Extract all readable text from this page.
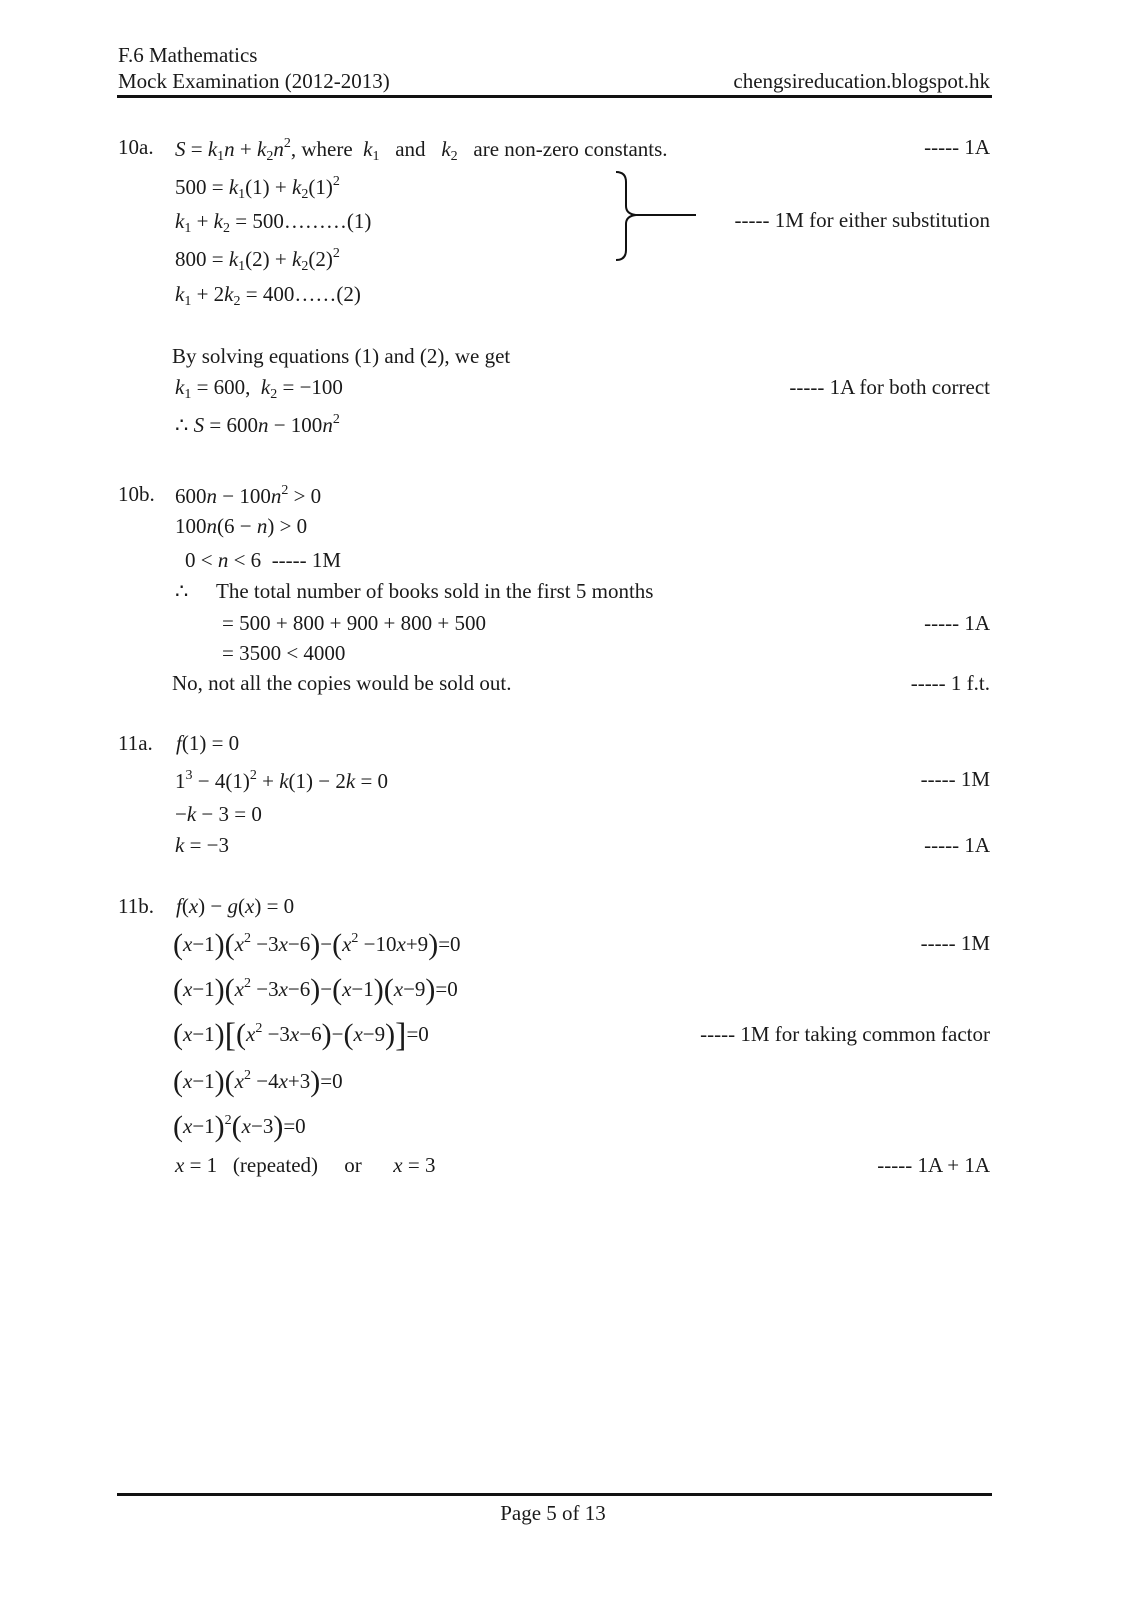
F.6 Mathematics
Mock Examination (2012-2013)	chengsireducation.blogspot.hk
10a. $S = k_1n + k_2n^2$, where $k_1$ and $k_2$ are non-zero constants.	----- 1A
$500 = k_1(1) + k_2(1)^2$
$k_1 + k_2$ = 500………(1)
$800 = k_1(2) + k_2(2)^2$
$k_1 + 2k_2$ = 400……(2)
----- 1M for either substitution
By solving equations (1) and (2), we get
$k_1 = 600$,  $k_2 = -100$	----- 1A for both correct
∴ $S = 600n - 100n^2$
10b. $600n - 100n^2 > 0$
100n(6 − n) > 0
0 < n < 6  ----- 1M
∴ The total number of books sold in the first 5 months
= 500 + 800 + 900 + 800 + 500	----- 1A
= 3500 < 4000
No, not all the copies would be sold out.	----- 1 f.t.
11a. f(1) = 0
$1^3 - 4(1)^2 + k(1) - 2k = 0$	----- 1M
−k − 3 = 0
k = −3	----- 1A
11b. f(x) − g(x) = 0
$(x-1)(x^2 -3x-6)-(x^2 -10x+9)=0$	----- 1M
$(x-1)(x^2 -3x-6)-(x-1)(x-9)=0$
$(x-1)[(x^2 -3x-6)-(x-9)]=0$	----- 1M for taking common factor
$(x-1)(x^2 -4x+3)=0$
$(x-1)^2(x-3)=0$
x = 1   (repeated) or x = 3	----- 1A + 1A
Page 5 of 13
